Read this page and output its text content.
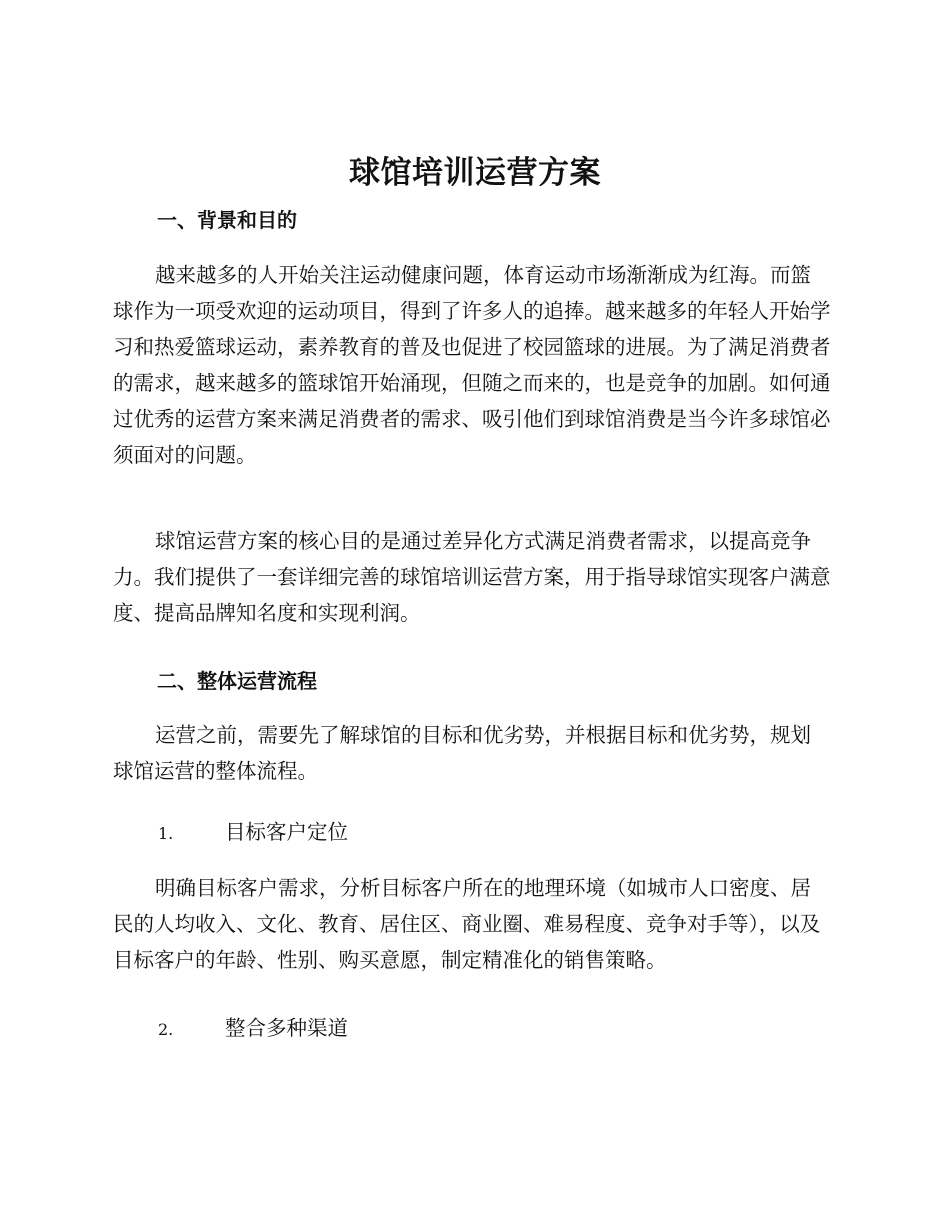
球馆培训运营方案
一、背景和目的

越来越多的人开始关注运动健康问题，体育运动市场渐渐成为红海。而篮球作为一项受欢迎的运动项目，得到了许多人的追捧。越来越多的年轻人开始学习和热爱篮球运动，素养教育的普及也促进了校园篮球的进展。为了满足消费者的需求，越来越多的篮球馆开始涌现，但随之而来的，也是竞争的加剧。如何通过优秀的运营方案来满足消费者的需求、吸引他们到球馆消费是当今许多球馆必须面对的问题。

球馆运营方案的核心目的是通过差异化方式满足消费者需求，以提高竞争力。我们提供了一套详细完善的球馆培训运营方案，用于指导球馆实现客户满意度、提高品牌知名度和实现利润。

二、整体运营流程

运营之前，需要先了解球馆的目标和优劣势，并根据目标和优劣势，规划球馆运营的整体流程。

1.	目标客户定位

明确目标客户需求，分析目标客户所在的地理环境（如城市人口密度、居民的人均收入、文化、教育、居住区、商业圈、难易程度、竞争对手等），以及目标客户的年龄、性别、购买意愿，制定精准化的销售策略。

2.	整合多种渠道
